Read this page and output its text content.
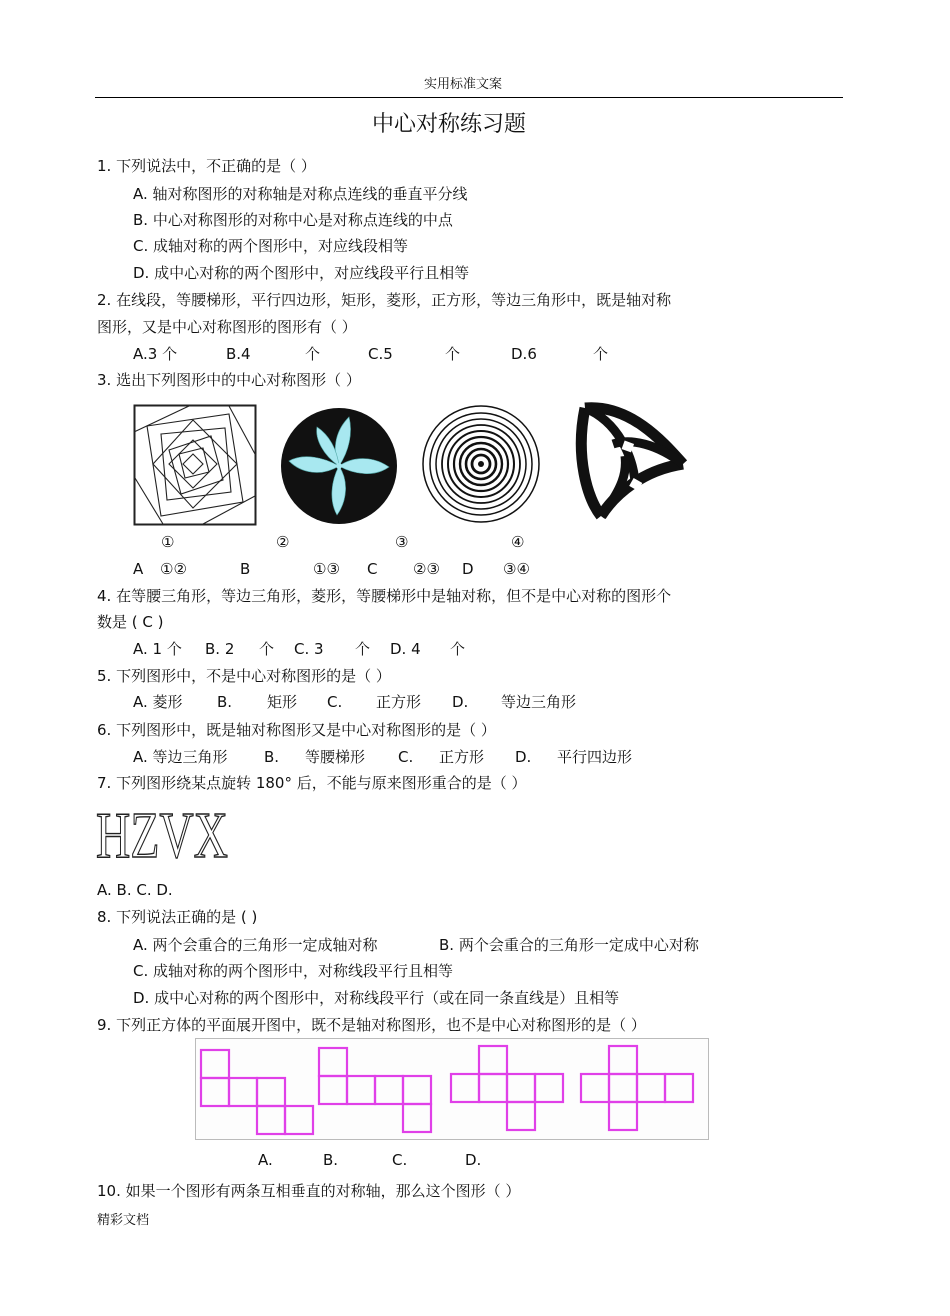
实用标准文案
中心对称练习题
1. 下列说法中，不正确的是（ ）
A. 轴对称图形的对称轴是对称点连线的垂直平分线
B. 中心对称图形的对称中心是对称点连线的中点
C. 成轴对称的两个图形中，对应线段相等
D. 成中心对称的两个图形中，对应线段平行且相等
2. 在线段，等腰梯形，平行四边形，矩形，菱形，正方形，等边三角形中，既是轴对称
图形，又是中心对称图形的图形有（ ）
A.3 个	B.4	个	C.5	个	D.6	个
3. 选出下列图形中的中心对称图形（ ）
①	②	③	④
A ①②	B	①③ C ②③ D ③④
4. 在等腰三角形，等边三角形，菱形，等腰梯形中是轴对称，但不是中心对称的图形个
数是 ( C )
A. 1 个 B. 2 个 C. 3 个 D. 4 个
5. 下列图形中，不是中心对称图形的是（ ）
A. 菱形 B. 矩形 C. 正方形 D. 等边三角形
6. 下列图形中，既是轴对称图形又是中心对称图形的是（ ）
A. 等边三角形 B. 等腰梯形 C. 正方形 D. 平行四边形
7. 下列图形绕某点旋转 180° 后，不能与原来图形重合的是（ ）
HZVX
A. B. C. D.
8. 下列说法正确的是 ( )
A. 两个会重合的三角形一定成轴对称	B. 两个会重合的三角形一定成中心对称
C. 成轴对称的两个图形中，对称线段平行且相等
D. 成中心对称的两个图形中，对称线段平行（或在同一条直线是）且相等
9. 下列正方体的平面展开图中，既不是轴对称图形，也不是中心对称图形的是（ ）
A.	B.	C.	D.
10. 如果一个图形有两条互相垂直的对称轴，那么这个图形（ ）
精彩文档
